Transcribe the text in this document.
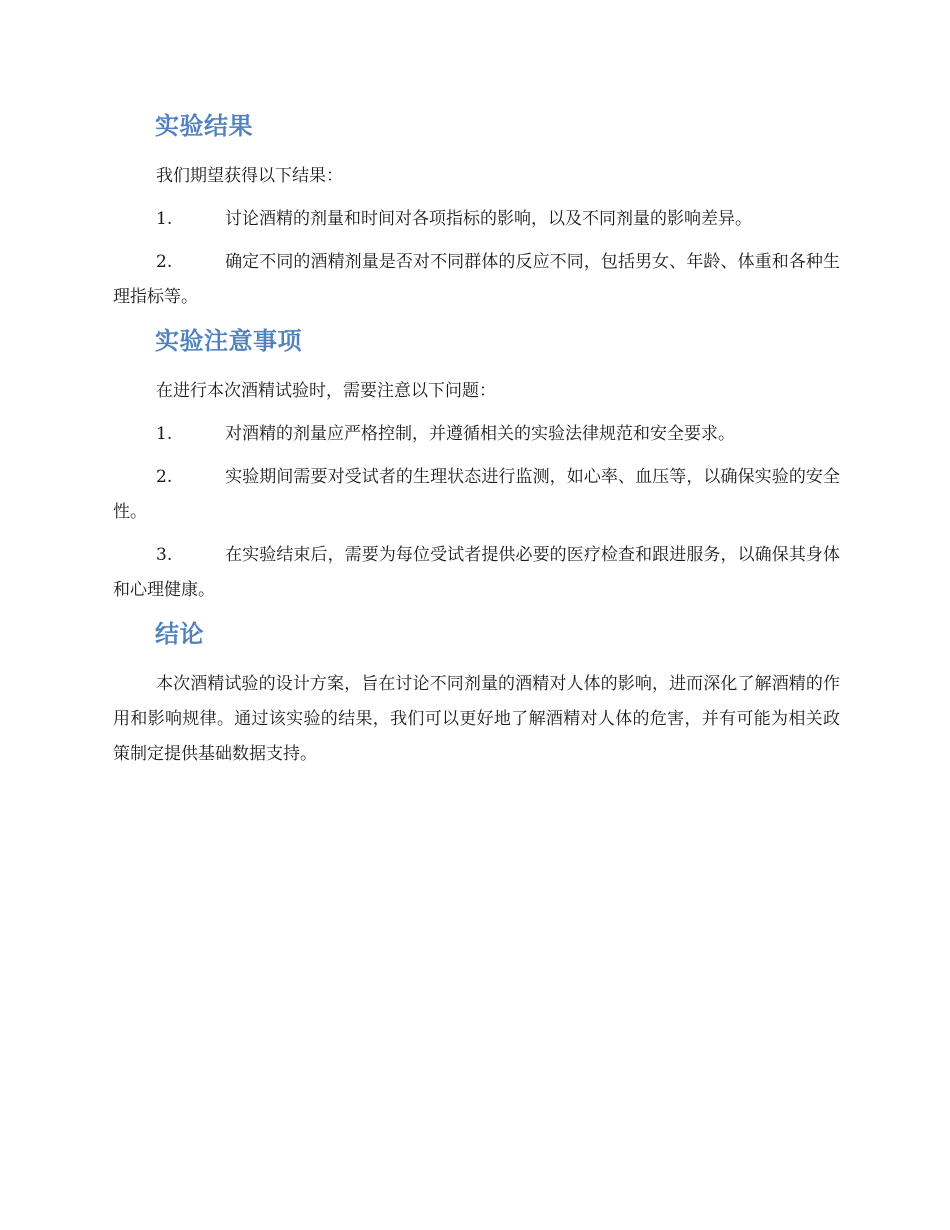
实验结果

我们期望获得以下结果：

1.	讨论酒精的剂量和时间对各项指标的影响，以及不同剂量的影响差异。

2.	确定不同的酒精剂量是否对不同群体的反应不同，包括男女、年龄、体重和各种生理指标等。

实验注意事项

在进行本次酒精试验时，需要注意以下问题：

1.	对酒精的剂量应严格控制，并遵循相关的实验法律规范和安全要求。

2.	实验期间需要对受试者的生理状态进行监测，如心率、血压等，以确保实验的安全性。

3.	在实验结束后，需要为每位受试者提供必要的医疗检查和跟进服务，以确保其身体和心理健康。

结论

本次酒精试验的设计方案，旨在讨论不同剂量的酒精对人体的影响，进而深化了解酒精的作用和影响规律。通过该实验的结果，我们可以更好地了解酒精对人体的危害，并有可能为相关政策制定提供基础数据支持。
